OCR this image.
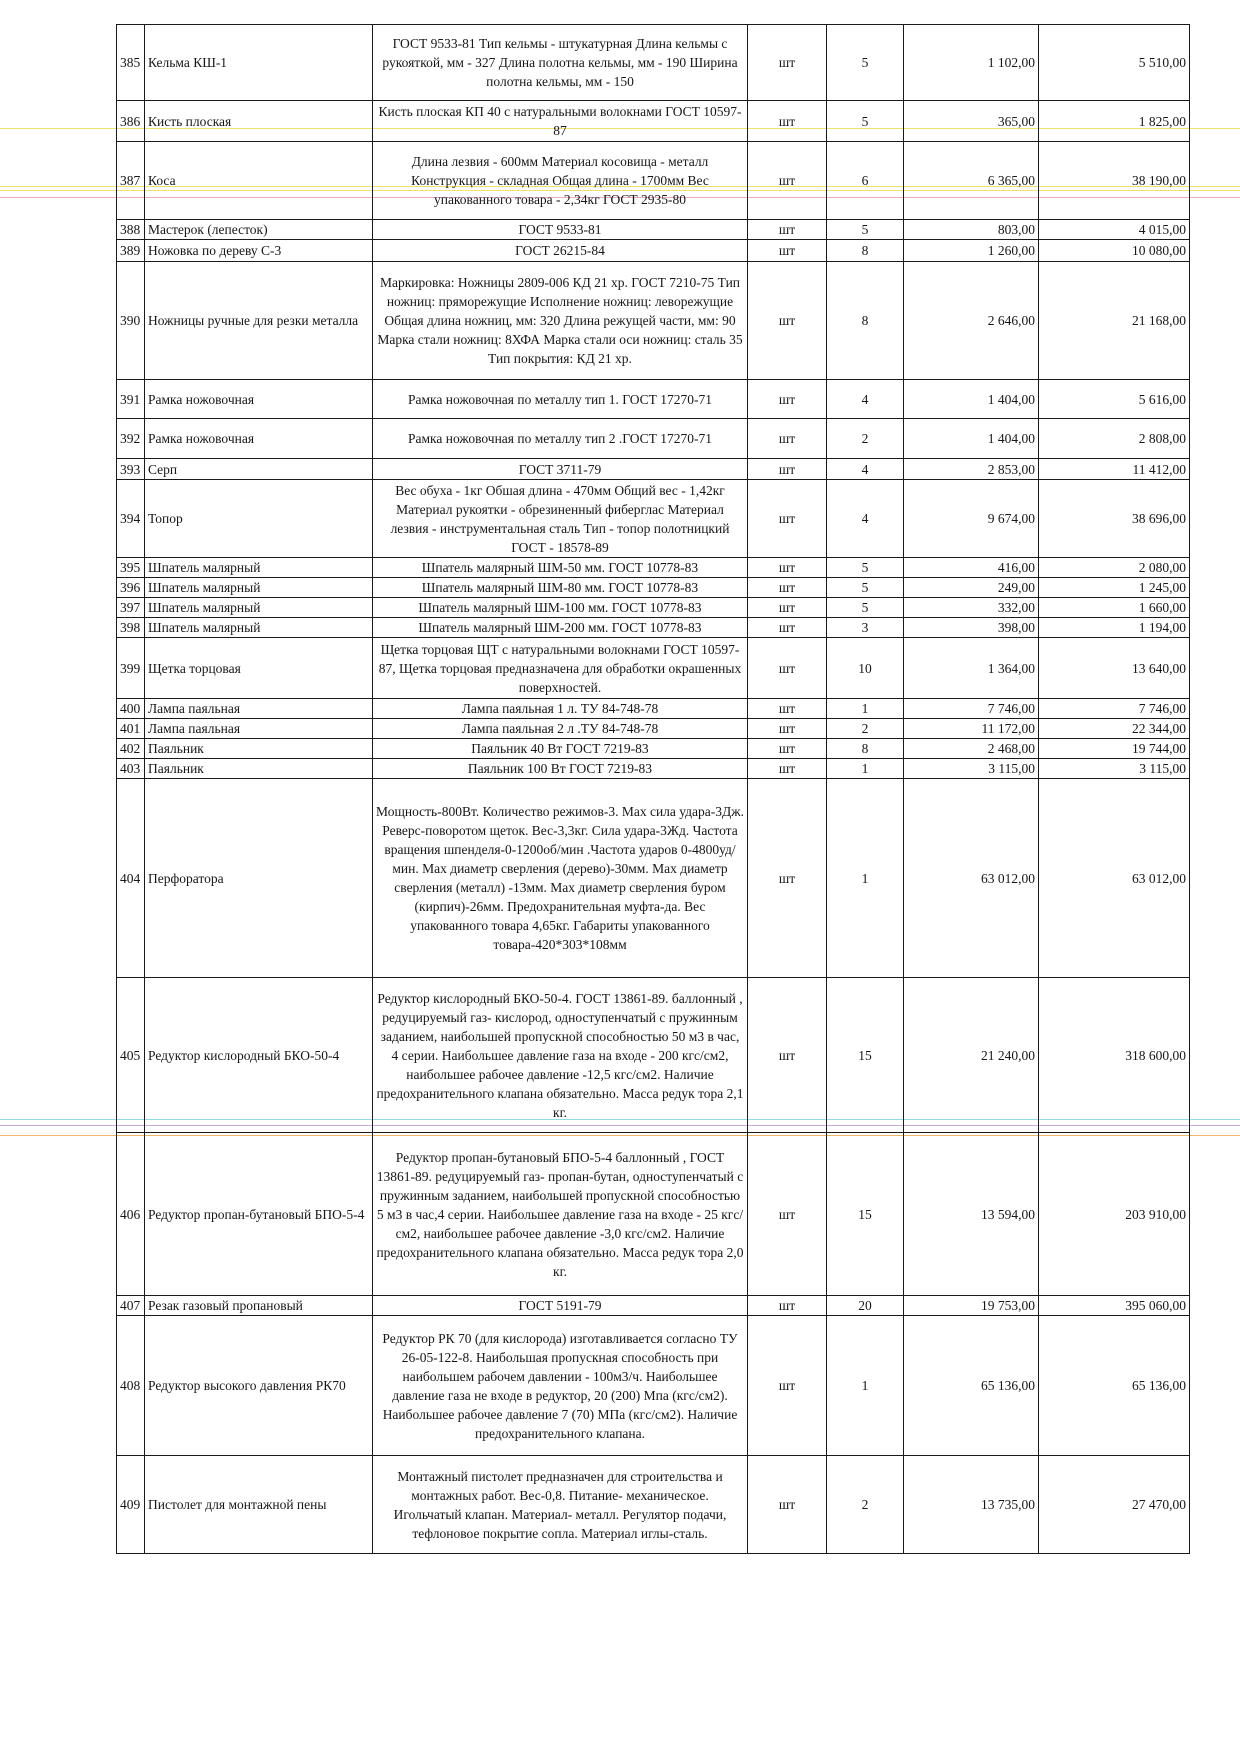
385	Кельма КШ-1	ГОСТ 9533-81 Тип кельмы - штукатурная Длина кельмы с рукояткой, мм - 327 Длина полотна кельмы, мм - 190 Ширина полотна кельмы, мм - 150	шт	5	1 102,00	5 510,00
386	Кисть плоская	Кисть плоская КП 40 с натуральными волокнами ГОСТ 10597-87	шт	5	365,00	1 825,00
387	Коса	Длина лезвия - 600мм Материал косовища - металл Конструкция - складная Общая длина - 1700мм Вес упакованного товара - 2,34кг ГОСТ 2935-80	шт	6	6 365,00	38 190,00
388	Мастерок (лепесток)	ГОСТ 9533-81	шт	5	803,00	4 015,00
389	Ножовка по дереву С-3	ГОСТ 26215-84	шт	8	1 260,00	10 080,00
390	Ножницы ручные для резки металла	Маркировка: Ножницы 2809-006 КД 21 хр. ГОСТ 7210-75 Тип ножниц: пряморежущие Исполнение ножниц: леворежущие Общая длина ножниц, мм: 320 Длина режущей части, мм: 90 Марка стали ножниц: 8ХФА Марка стали оси ножниц: сталь 35 Тип покрытия: КД 21 хр.	шт	8	2 646,00	21 168,00
391	Рамка ножовочная	Рамка ножовочная по металлу тип 1. ГОСТ 17270-71	шт	4	1 404,00	5 616,00
392	Рамка ножовочная	Рамка ножовочная по металлу тип 2 .ГОСТ 17270-71	шт	2	1 404,00	2 808,00
393	Серп	ГОСТ 3711-79	шт	4	2 853,00	11 412,00
394	Топор	Вес обуха - 1кг Обшая длина - 470мм Общий вес - 1,42кг Материал рукоятки - обрезиненный фиберглас Материал лезвия - инструментальная сталь Тип - топор полотницкий ГОСТ - 18578-89	шт	4	9 674,00	38 696,00
395	Шпатель малярный	Шпатель малярный ШМ-50 мм. ГОСТ 10778-83	шт	5	416,00	2 080,00
396	Шпатель малярный	Шпатель малярный ШМ-80 мм. ГОСТ 10778-83	шт	5	249,00	1 245,00
397	Шпатель малярный	Шпатель малярный ШМ-100 мм. ГОСТ 10778-83	шт	5	332,00	1 660,00
398	Шпатель малярный	Шпатель малярный ШМ-200 мм. ГОСТ 10778-83	шт	3	398,00	1 194,00
399	Щетка торцовая	Щетка торцовая ЩТ с натуральными волокнами ГОСТ 10597-87, Щетка торцовая предназначена для обработки окрашенных поверхностей.	шт	10	1 364,00	13 640,00
400	Лампа паяльная	Лампа паяльная 1 л. ТУ 84-748-78	шт	1	7 746,00	7 746,00
401	Лампа паяльная	Лампа паяльная 2 л .ТУ 84-748-78	шт	2	11 172,00	22 344,00
402	Паяльник	Паяльник 40 Вт ГОСТ 7219-83	шт	8	2 468,00	19 744,00
403	Паяльник	Паяльник 100 Вт ГОСТ 7219-83	шт	1	3 115,00	3 115,00
404	Перфоратора	Мощность-800Вт. Количество режимов-3. Max сила удара-3Дж. Реверс-поворотом щеток. Вес-3,3кг. Сила удара-3Жд. Частота вращения шпенделя-0-1200об/мин .Частота ударов 0-4800уд/мин. Max диаметр сверления (дерево)-30мм. Max диаметр сверления (металл) -13мм. Max диаметр сверления буром (кирпич)-26мм. Предохранительная муфта-да. Вес упакованного товара 4,65кг. Габариты упакованного товара-420*303*108мм	шт	1	63 012,00	63 012,00
405	Редуктор кислородный БКО-50-4	Редуктор кислородный БКО-50-4. ГОСТ 13861-89. баллонный , редуцируемый газ- кислород, одноступенчатый с пружинным заданием, наибольшей пропускной способностью 50 м3 в час, 4 серии. Наибольшее давление газа на входе - 200 кгс/см2, наибольшее рабочее давление -12,5 кгс/см2. Наличие предохранительного клапана обязательно. Масса редук тора 2,1 кг.	шт	15	21 240,00	318 600,00
406	Редуктор пропан-бутановый БПО-5-4	Редуктор пропан-бутановый БПО-5-4 баллонный , ГОСТ 13861-89. редуцируемый газ- пропан-бутан, одноступенчатый с пружинным заданием, наибольшей пропускной способностью 5 м3 в час,4 серии. Наибольшее давление газа на входе - 25 кгс/см2, наибольшее рабочее давление -3,0 кгс/см2. Наличие предохранительного клапана обязательно. Масса редук тора 2,0 кг.	шт	15	13 594,00	203 910,00
407	Резак газовый пропановый	ГОСТ 5191-79	шт	20	19 753,00	395 060,00
408	Редуктор высокого давления РК70	Редуктор РК 70 (для кислорода) изготавливается согласно ТУ 26-05-122-8. Наибольшая пропускная способность при наибольшем рабочем давлении - 100м3/ч. Наибольшее давление газа не входе в редуктор, 20 (200) Мпа (кгс/см2). Наибольшее рабочее давление 7 (70) МПа (кгс/см2). Наличие предохранительного клапана.	шт	1	65 136,00	65 136,00
409	Пистолет для монтажной пены	Монтажный пистолет предназначен для строительства и монтажных работ. Вес-0,8. Питание- механическое. Игольчатый клапан. Материал- металл. Регулятор подачи, тефлоновое покрытие сопла. Материал иглы-сталь.	шт	2	13 735,00	27 470,00
